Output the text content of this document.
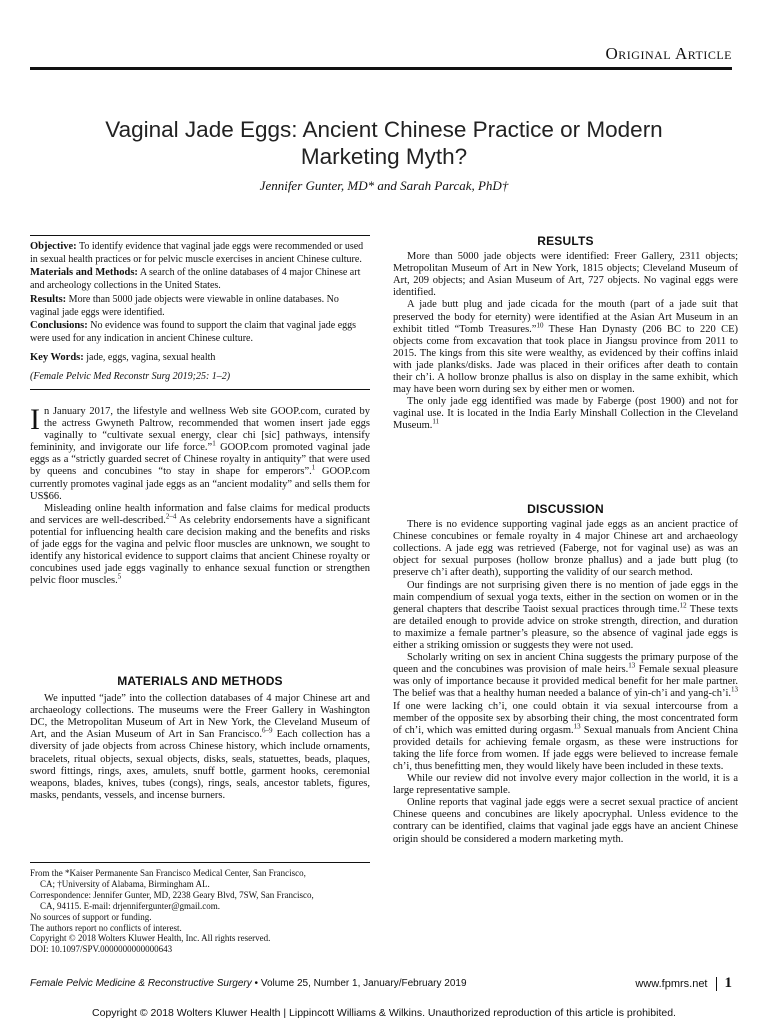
Original Article
Vaginal Jade Eggs: Ancient Chinese Practice or Modern
Marketing Myth?
Jennifer Gunter, MD* and Sarah Parcak, PhD†

Objective: To identify evidence that vaginal jade eggs were recommended or used in sexual health practices or for pelvic muscle exercises in ancient Chinese culture.

Materials and Methods: A search of the online databases of 4 major Chinese art and archeology collections in the United States.

Results: More than 5000 jade objects were viewable in online databases. No vaginal jade eggs were identified.

Conclusions: No evidence was found to support the claim that vaginal jade eggs were used for any indication in ancient Chinese culture.

Key Words: jade, eggs, vagina, sexual health

(Female Pelvic Med Reconstr Surg 2019;25: 1–2)

In January 2017, the lifestyle and wellness Web site GOOP.com, curated by the actress Gwyneth Paltrow, recommended that women insert jade eggs vaginally to “cultivate sexual energy, clear chi [sic] pathways, intensify femininity, and invigorate our life force.”$^1$ GOOP.com promoted vaginal jade eggs as a “strictly guarded secret of Chinese royalty in antiquity” that were used by queens and concubines “to stay in shape for emperors”.$^1$ GOOP.com currently promotes vaginal jade eggs as an “ancient modality” and sells them for US$66.

Misleading online health information and false claims for medical products and services are well-described.$^{2-4}$ As celebrity endorsements have a significant potential for influencing health care decision making and the benefits and risks of jade eggs for the vagina and pelvic floor muscles are unknown, we sought to identify any historical evidence to support claims that ancient Chinese royalty or concubines used jade eggs vaginally to enhance sexual function or strengthen pelvic floor muscles.$^5$

MATERIALS AND METHODS

We inputted “jade” into the collection databases of 4 major Chinese art and archaeology collections. The museums were the Freer Gallery in Washington DC, the Metropolitan Museum of Art in New York, the Cleveland Museum of Art, and the Asian Museum of Art in San Francisco.$^{6-9}$ Each collection has a diversity of jade objects from across Chinese history, which include ornaments, bracelets, ritual objects, sexual objects, disks, seals, statuettes, beads, plaques, sword fittings, rings, axes, amulets, snuff bottle, garment hooks, ceremonial weapons, blades, knives, tubes (congs), rings, seals, ancestor tablets, figures, masks, pendants, vessels, and incense burners.

From the *Kaiser Permanente San Francisco Medical Center, San Francisco,
CA; †University of Alabama, Birmingham AL.
Correspondence: Jennifer Gunter, MD, 2238 Geary Blvd, 7SW, San Francisco,
CA, 94115. E-mail: drjennifergunter@gmail.com.
No sources of support or funding.
The authors report no conflicts of interest.
Copyright © 2018 Wolters Kluwer Health, Inc. All rights reserved.
DOI: 10.1097/SPV.0000000000000643
RESULTS

More than 5000 jade objects were identified: Freer Gallery, 2311 objects; Metropolitan Museum of Art in New York, 1815 objects; Cleveland Museum of Art, 209 objects; and Asian Museum of Art, 727 objects. No vaginal eggs were identified.

A jade butt plug and jade cicada for the mouth (part of a jade suit that preserved the body for eternity) were identified at the Asian Art Museum in an exhibit titled “Tomb Treasures.”$^{10}$ These Han Dynasty (206 BC to 220 CE) objects come from excavation that took place in Jiangsu province from 2011 to 2015. The kings from this site were wealthy, as evidenced by their coffins inlaid with jade planks/disks. Jade was placed in their orifices after death to contain their ch’i. A hollow bronze phallus is also on display in the same exhibit, which may have been worn during sex by either men or women.

The only jade egg identified was made by Faberge (post 1900) and not for vaginal use. It is located in the India Early Minshall Collection in the Cleveland Museum.$^{11}$

DISCUSSION

There is no evidence supporting vaginal jade eggs as an ancient practice of Chinese concubines or female royalty in 4 major Chinese art and archaeology collections. A jade egg was retrieved (Faberge, not for vaginal use) as was an object for sexual purposes (hollow bronze phallus) and a jade butt plug (to preserve ch’i after death), supporting the validity of our search method.

Our findings are not surprising given there is no mention of jade eggs in the main compendium of sexual yoga texts, either in the section on women or in the general chapters that describe Taoist sexual practices through time.$^{12}$ These texts are detailed enough to provide advice on stroke strength, direction, and duration to maximize a female partner’s pleasure, so the absence of vaginal jade eggs is either a striking omission or suggests they were not used.

Scholarly writing on sex in ancient China suggests the primary purpose of the queen and the concubines was provision of male heirs.$^{13}$ Female sexual pleasure was only of importance because it provided medical benefit for her male partner. The belief was that a healthy human needed a balance of yin-ch’i and yang-ch’i.$^{13}$ If one were lacking ch’i, one could obtain it via sexual intercourse from a member of the opposite sex by absorbing their ching, the most concentrated form of ch’i, which was emitted during orgasm.$^{13}$ Sexual manuals from Ancient China provided details for achieving female orgasm, as these were instructions for taking the life force from women. If jade eggs were believed to increase female ch’i, thus benefitting men, they would likely have been included in these texts.

While our review did not involve every major collection in the world, it is a large representative sample.

Online reports that vaginal jade eggs were a secret sexual practice of ancient Chinese queens and concubines are likely apocryphal. Unless evidence to the contrary can be identified, claims that vaginal jade eggs have an ancient Chinese origin should be considered a modern marketing myth.

Female Pelvic Medicine & Reconstructive Surgery • Volume 25, Number 1, January/February 2019	www.fpmrs.net 1
Copyright © 2018 Wolters Kluwer Health | Lippincott Williams & Wilkins. Unauthorized reproduction of this article is prohibited.
